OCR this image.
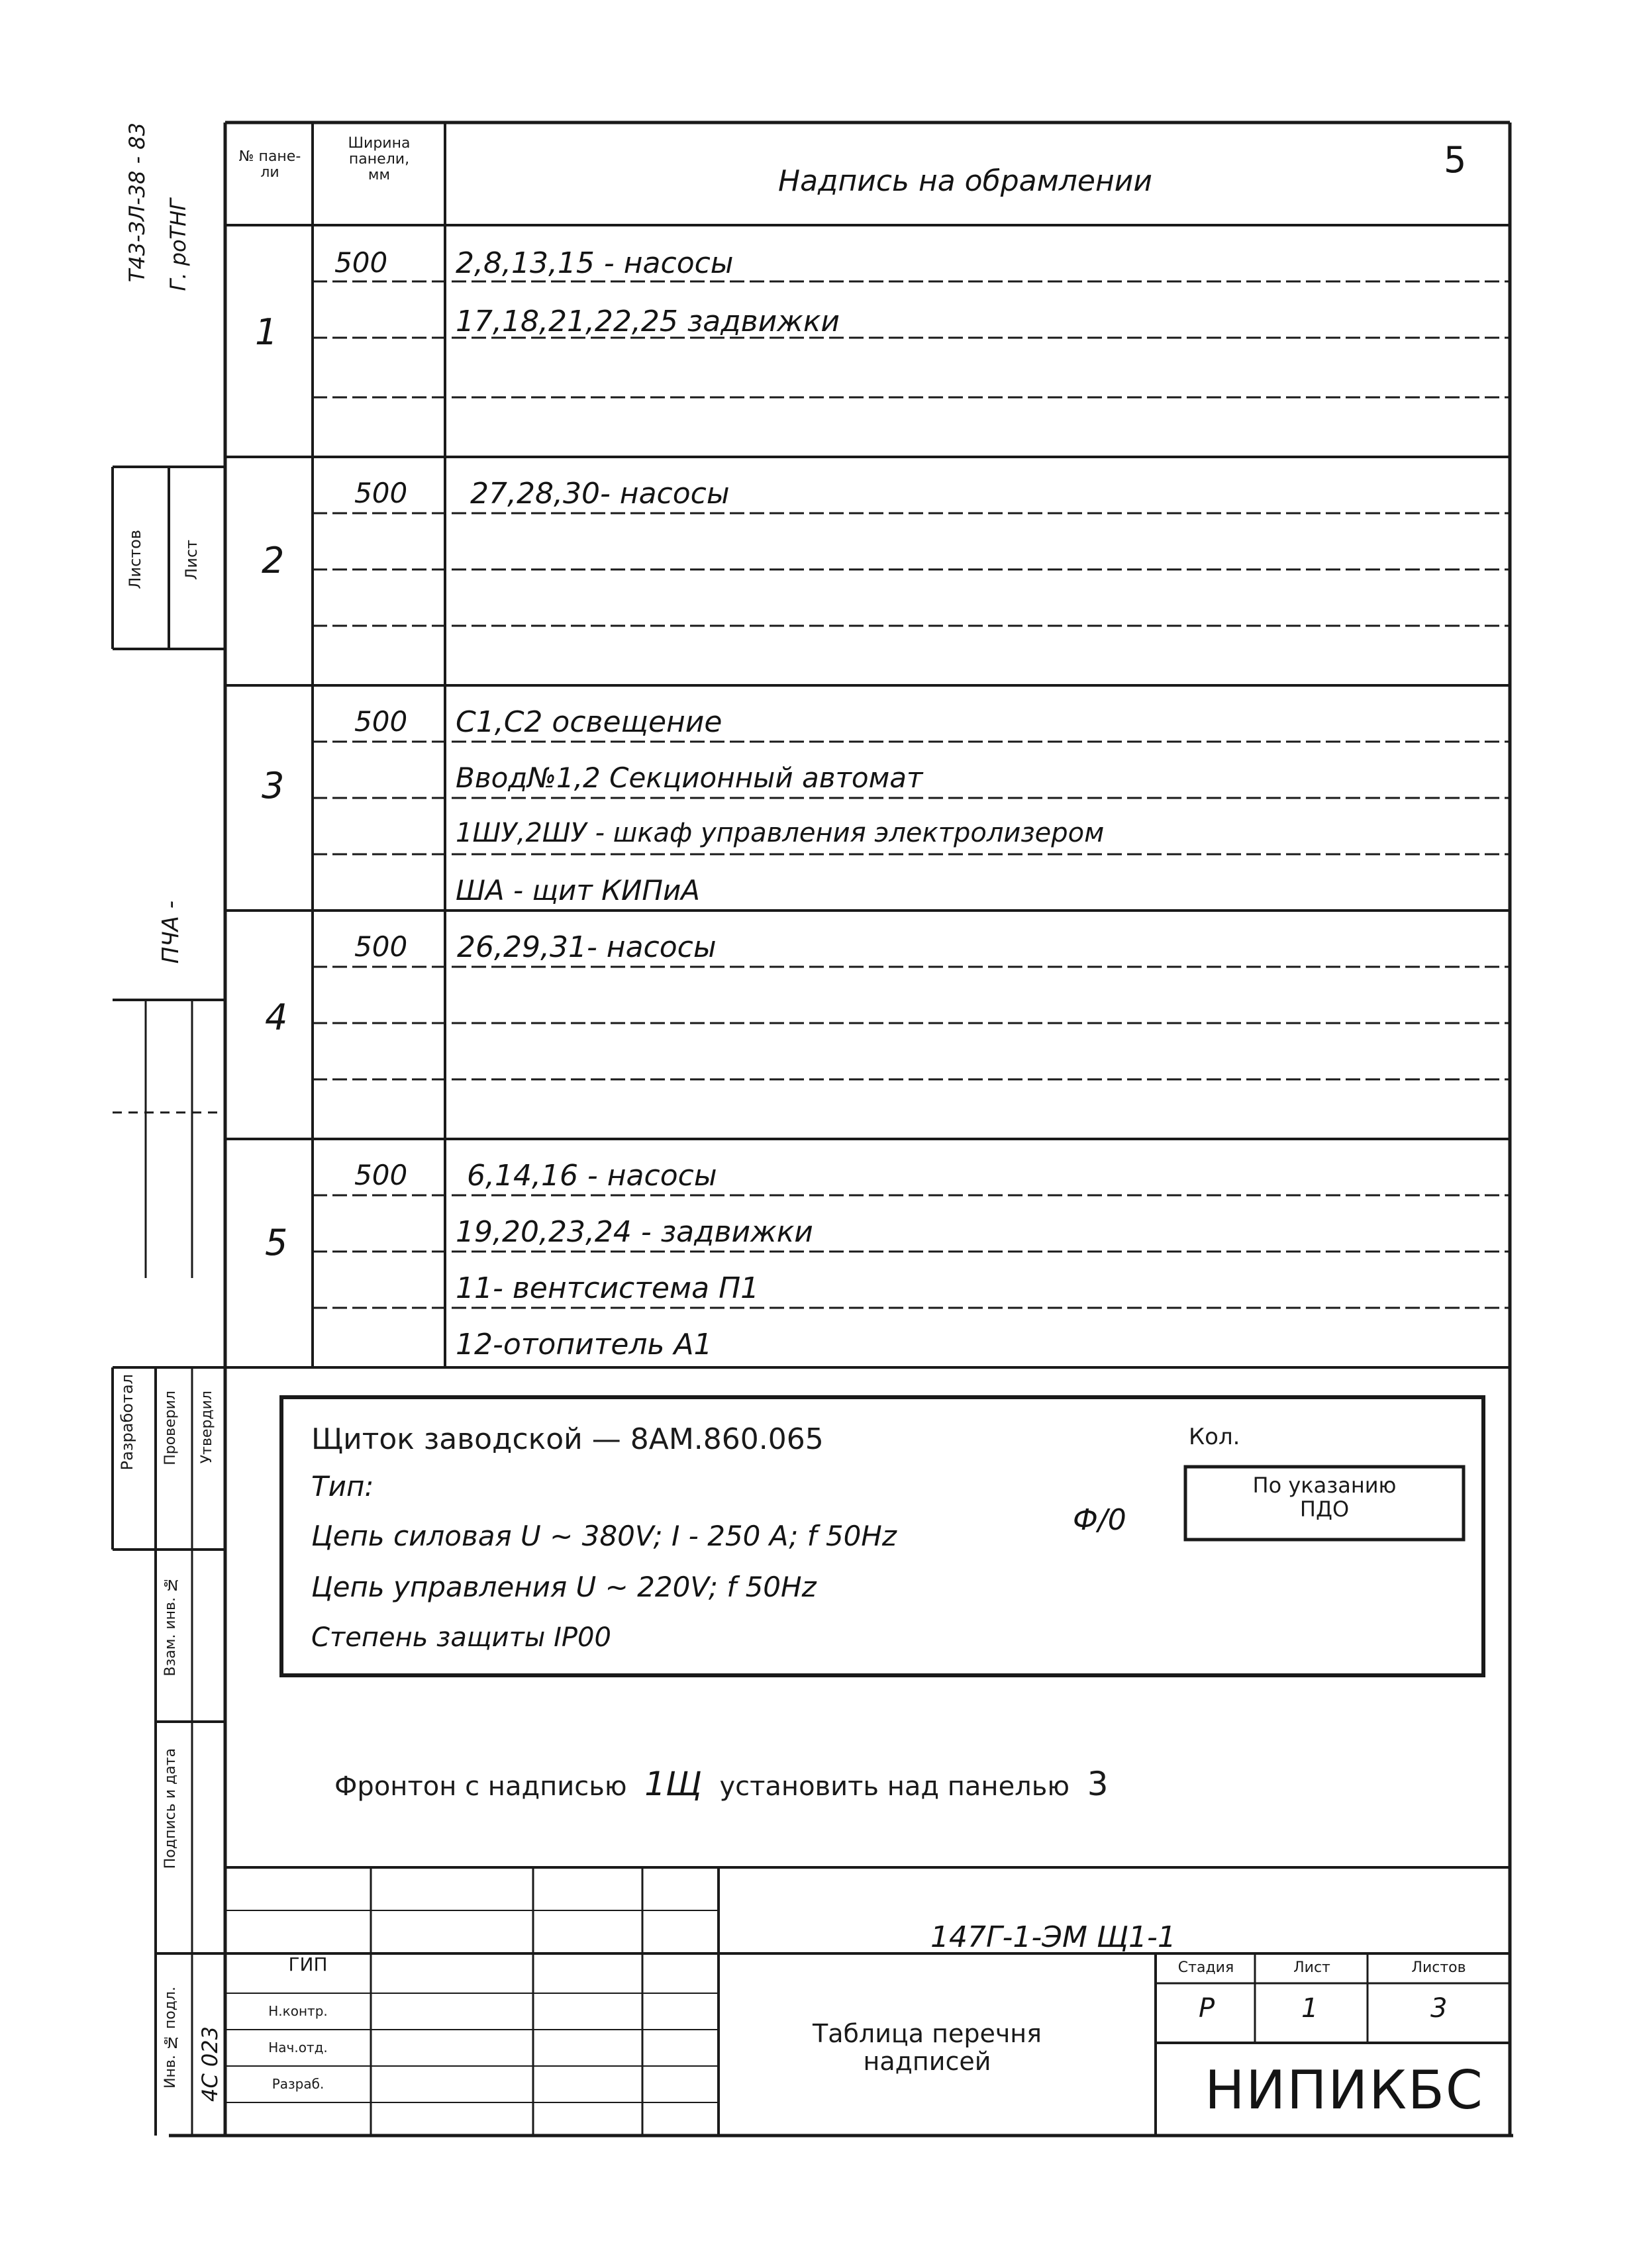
Т43-ЗЛ-38 - 83 Г. роТНГ
Листов Лист
ПЧА -
№ пане-
ли
Ширина
панели,
мм	Надпись на обрамлении
5
1
500 2,8,13,15 - насосы
17,18,21,22,25 задвижки
2
500 27,28,30- насосы
3
500 С1,С2 освещение
Ввод№1,2 Секционный автомат
1ШУ,2ШУ - шкаф управления электролизером
ША - щит КИПиА
4
500 26,29,31- насосы
5
500 6,14,16 - насосы
19,20,23,24 - задвижки
11- вентсистема П1
12-отопитель А1
Щиток заводской — 8АМ.860.065
Тип:
Цепь силовая U ~ 380V; I - 250 A; f 50Hz
Цепь управления U ~ 220V; f 50Hz
Степень защиты IP00
Ф/0
Кол.
По указанию
ПДО
Фронтон с надписью 1Щ установить над панелью 3
Разработал Проверил Утвердил
Взам. инв. №
Подпись и дата
Инв. № подл. 4С 023
147Г-1-ЭМ Щ1-1
Таблица перечня
надписей
Стадия	Лист	Листов
Р	1	3
НИПИКБС
ГИП
Н.контр.
Нач.отд.
Разраб.
